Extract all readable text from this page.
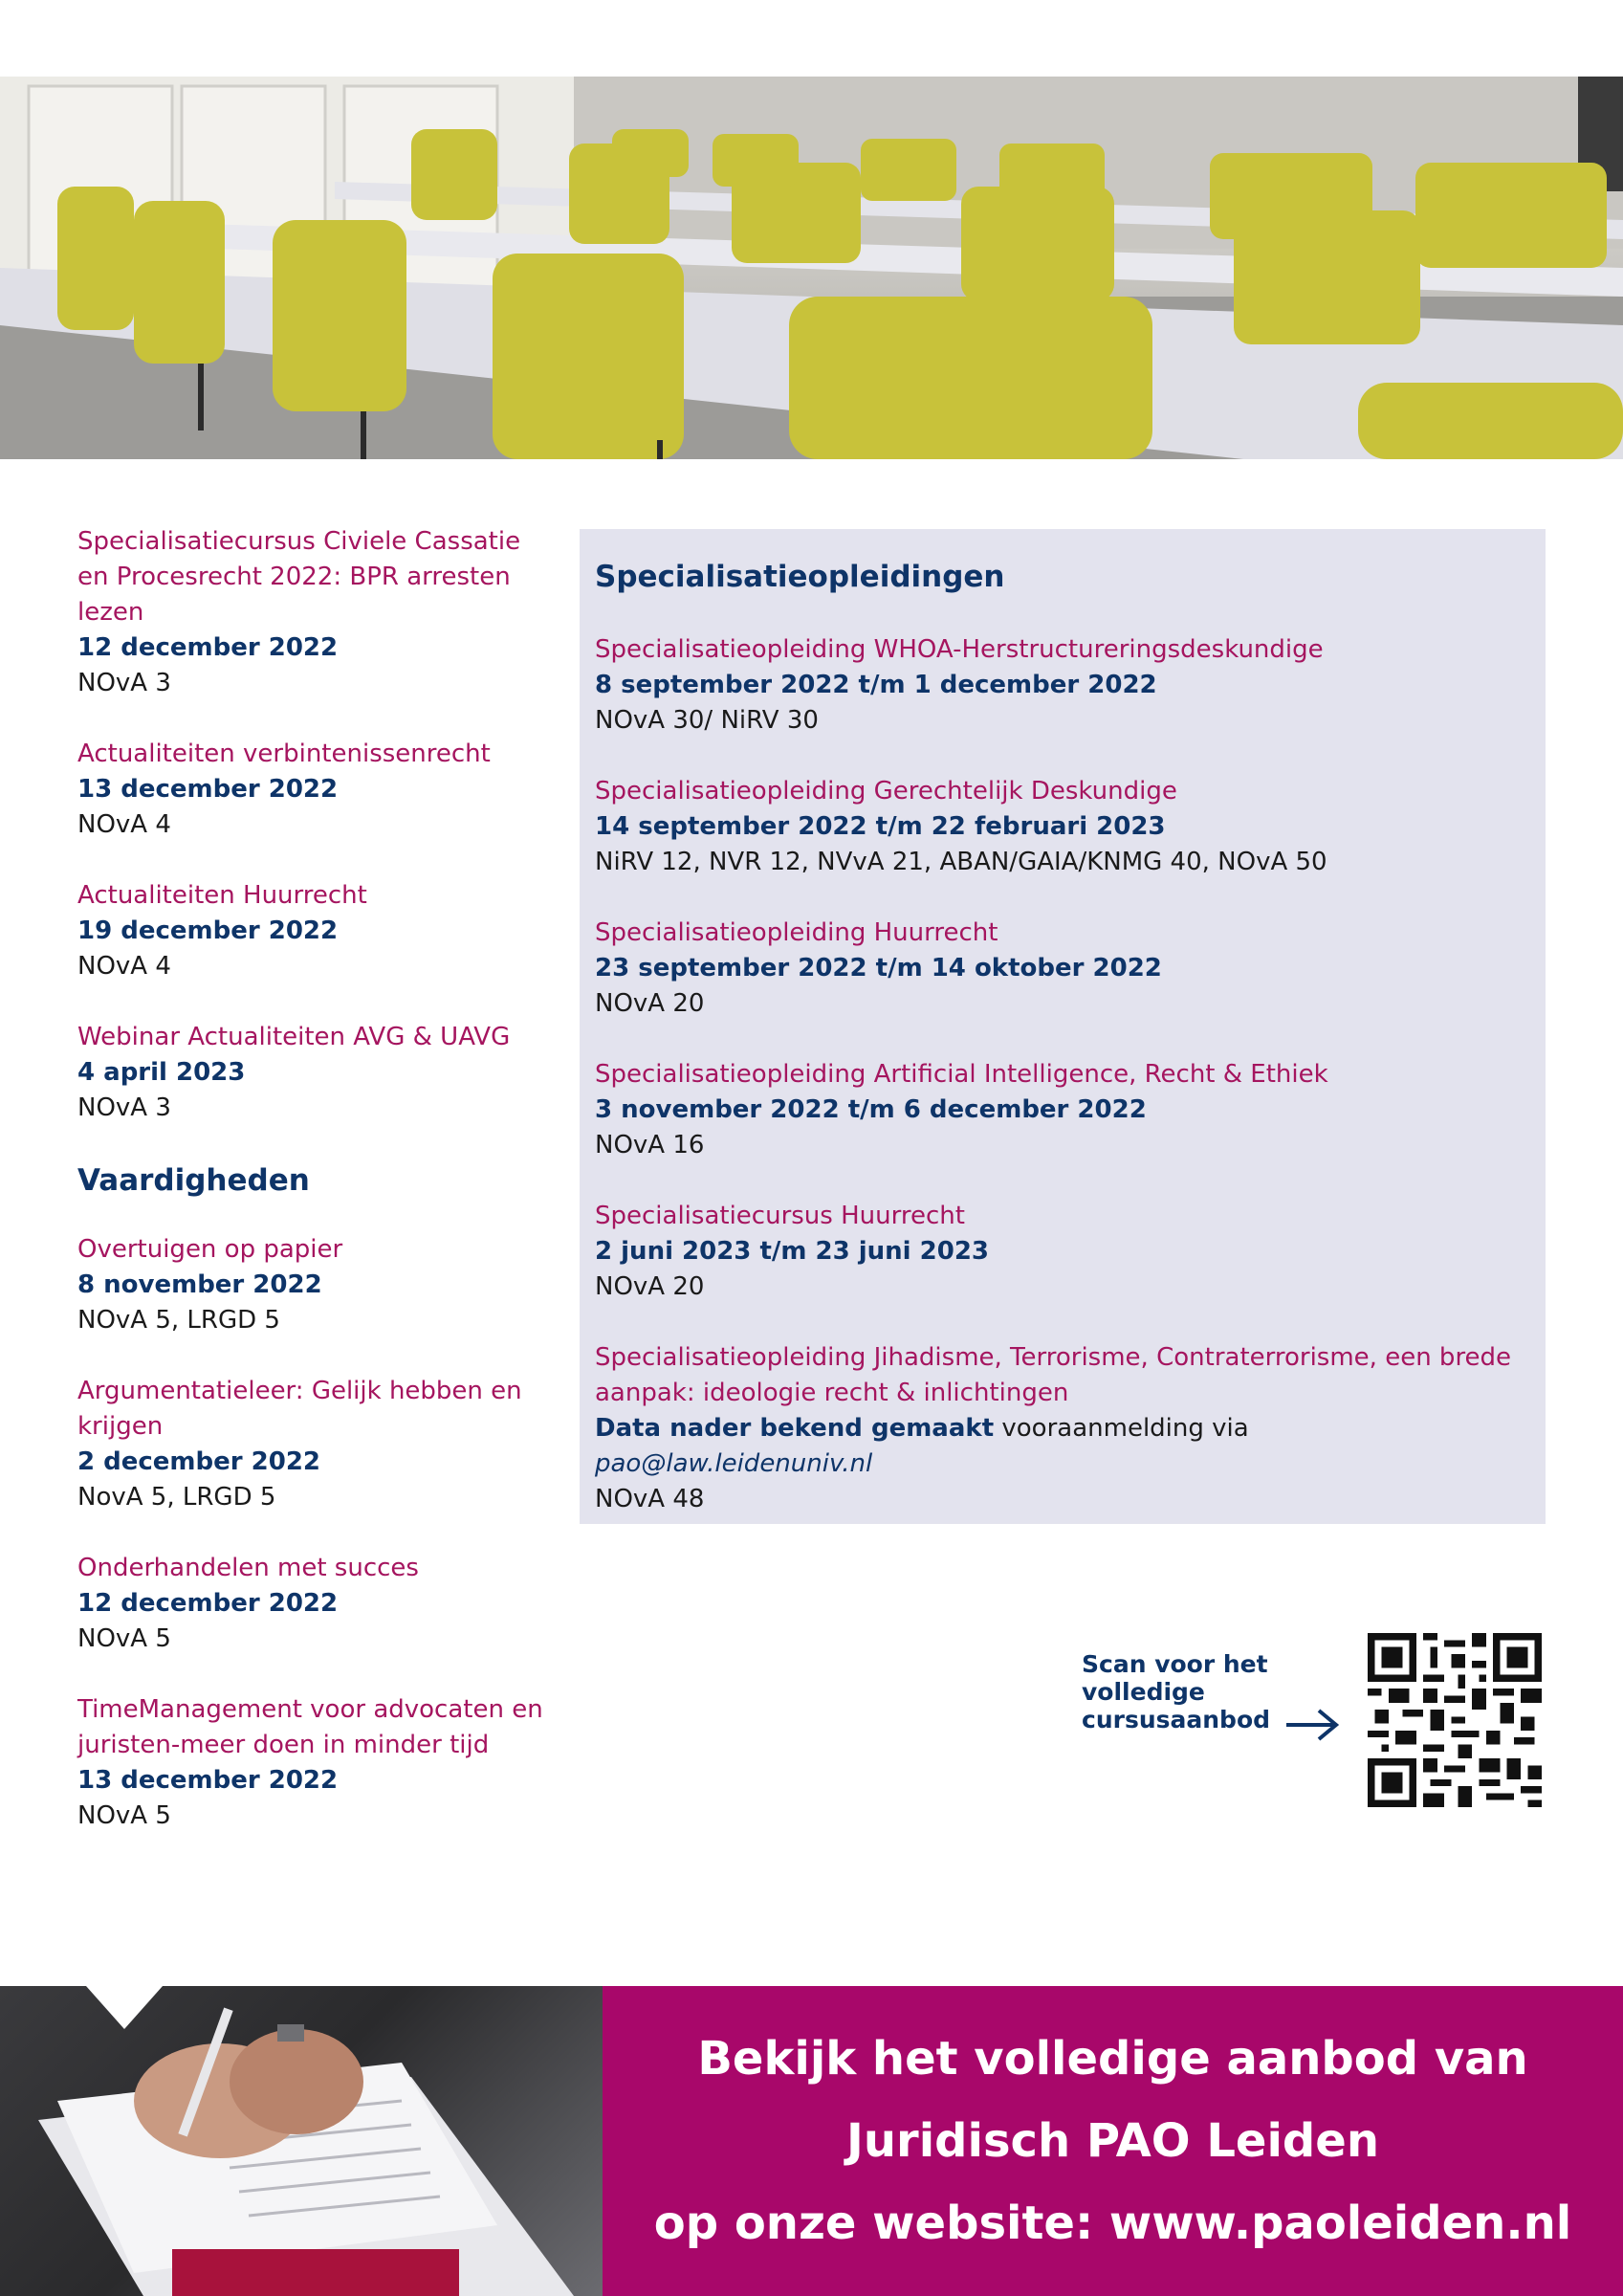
Specialisatiecursus Civiele Cassatie en Procesrecht 2022: BPR arresten lezen
12 december 2022
NOvA 3
Actualiteiten verbintenissenrecht
13 december 2022
NOvA 4
Actualiteiten Huurrecht
19 december 2022
NOvA 4
Webinar Actualiteiten AVG & UAVG
4 april 2023
NOvA 3
Vaardigheden
Overtuigen op papier
8 november 2022
NOvA 5, LRGD 5
Argumentatieleer: Gelijk hebben en krijgen
2 december 2022
NovA 5, LRGD 5
Onderhandelen met succes
12 december 2022
NOvA 5
TimeManagement voor advocaten en juristen-meer doen in minder tijd
13 december 2022
NOvA 5
Specialisatieopleidingen
Specialisatieopleiding WHOA-Herstructureringsdeskundige
8 september 2022 t/m 1 december 2022
NOvA 30/ NiRV 30
Specialisatieopleiding Gerechtelijk Deskundige
14 september 2022 t/m 22 februari 2023
NiRV 12, NVR 12, NVvA 21, ABAN/GAIA/KNMG 40, NOvA 50
Specialisatieopleiding Huurrecht
23 september 2022 t/m 14 oktober 2022
NOvA 20
Specialisatieopleiding Artificial Intelligence, Recht & Ethiek
3 november 2022 t/m 6 december 2022
NOvA 16
Specialisatiecursus Huurrecht
2 juni 2023 t/m 23 juni 2023
NOvA 20
Specialisatieopleiding Jihadisme, Terrorisme, Contraterrorisme, een brede aanpak: ideologie recht & inlichtingen
Data nader bekend gemaakt vooraanmelding via pao@law.leidenuniv.nl
NOvA 48
Scan voor het
volledige
cursusaanbod
Bekijk het volledige aanbod van
Juridisch PAO Leiden
op onze website: www.paoleiden.nl
